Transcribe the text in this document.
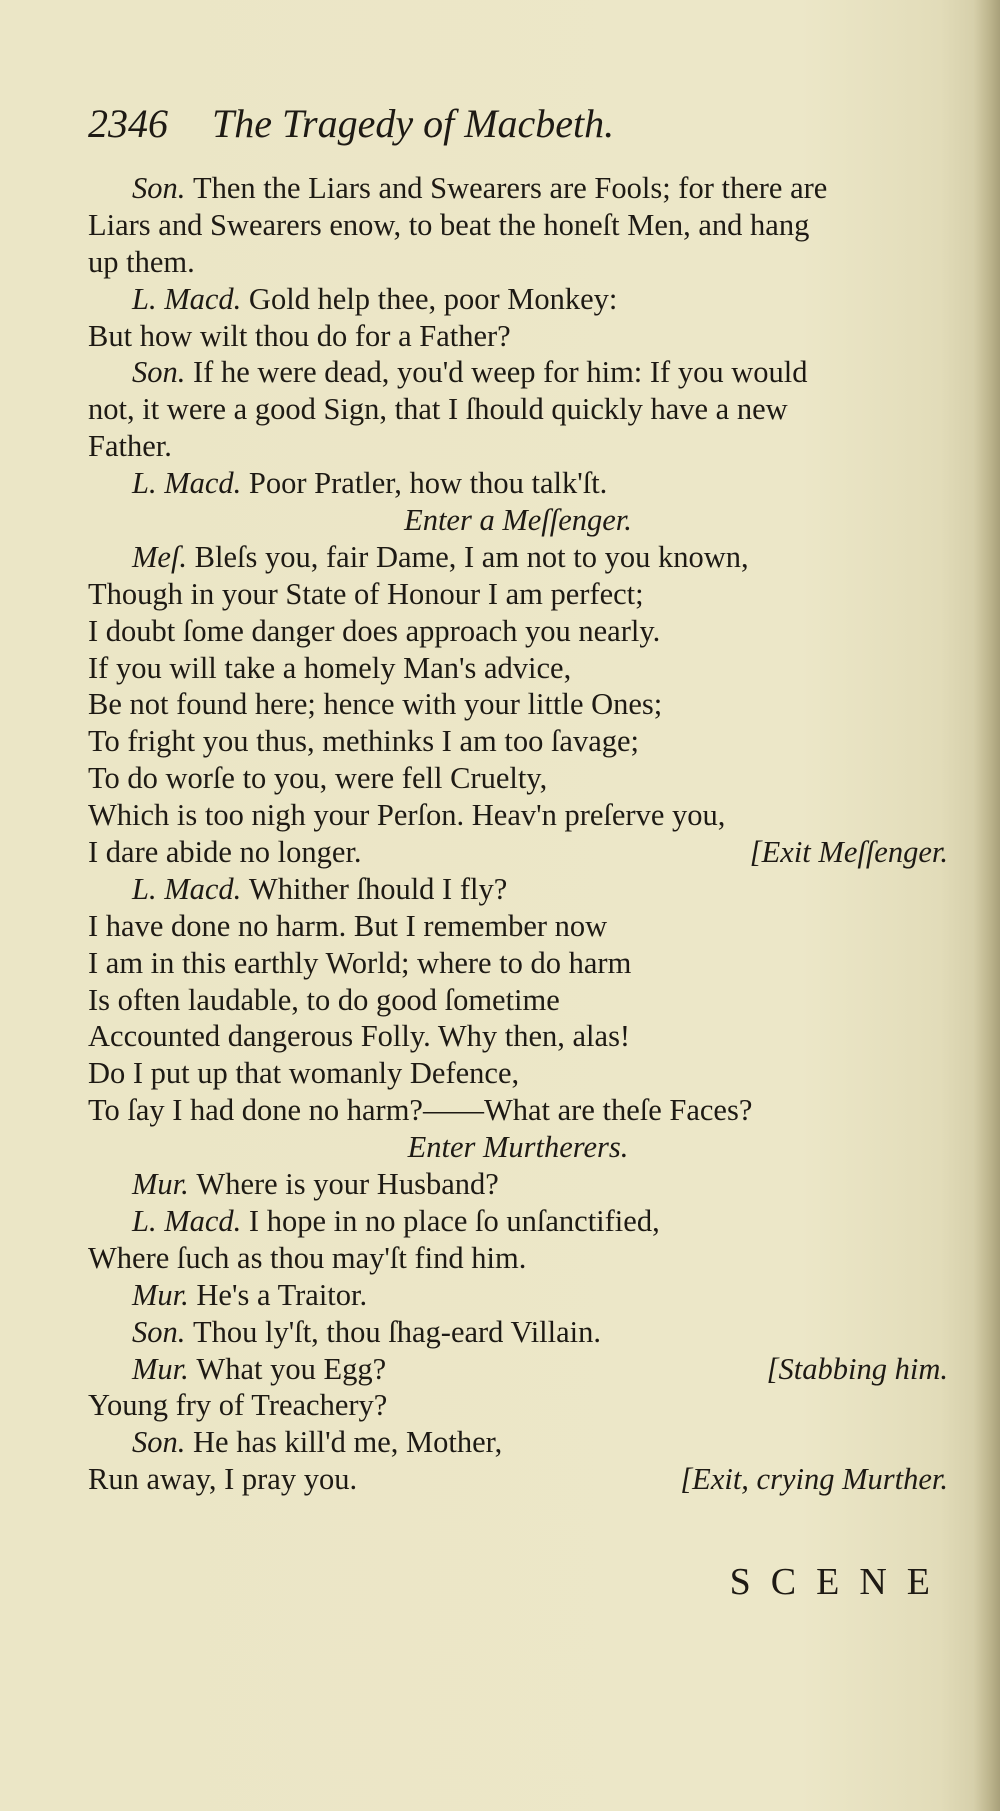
2346 The Tragedy of Macbeth.
Son. Then the Liars and Swearers are Fools; for there are
Liars and Swearers enow, to beat the honeſt Men, and hang
up them.
L. Macd. Gold help thee, poor Monkey:
But how wilt thou do for a Father?
Son. If he were dead, you'd weep for him: If you would
not, it were a good Sign, that I ſhould quickly have a new
Father.
L. Macd. Poor Pratler, how thou talk'ſt.
Enter a Meſſenger.
Meſ. Bleſs you, fair Dame, I am not to you known,
Though in your State of Honour I am perfect;
I doubt ſome danger does approach you nearly.
If you will take a homely Man's advice,
Be not found here; hence with your little Ones;
To fright you thus, methinks I am too ſavage;
To do worſe to you, were fell Cruelty,
Which is too nigh your Perſon. Heav'n preſerve you,
I dare abide no longer.	[Exit Meſſenger.
L. Macd. Whither ſhould I fly?
I have done no harm. But I remember now
I am in this earthly World; where to do harm
Is often laudable, to do good ſometime
Accounted dangerous Folly. Why then, alas!
Do I put up that womanly Defence,
To ſay I had done no harm?——What are theſe Faces?
Enter Murtherers.
Mur. Where is your Husband?
L. Macd. I hope in no place ſo unſanctified,
Where ſuch as thou may'ſt find him.
Mur. He's a Traitor.
Son. Thou ly'ſt, thou ſhag-eard Villain.
Mur. What you Egg?	[Stabbing him.
Young fry of Treachery?
Son. He has kill'd me, Mother,
Run away, I pray you.	[Exit, crying Murther.
SCENE
